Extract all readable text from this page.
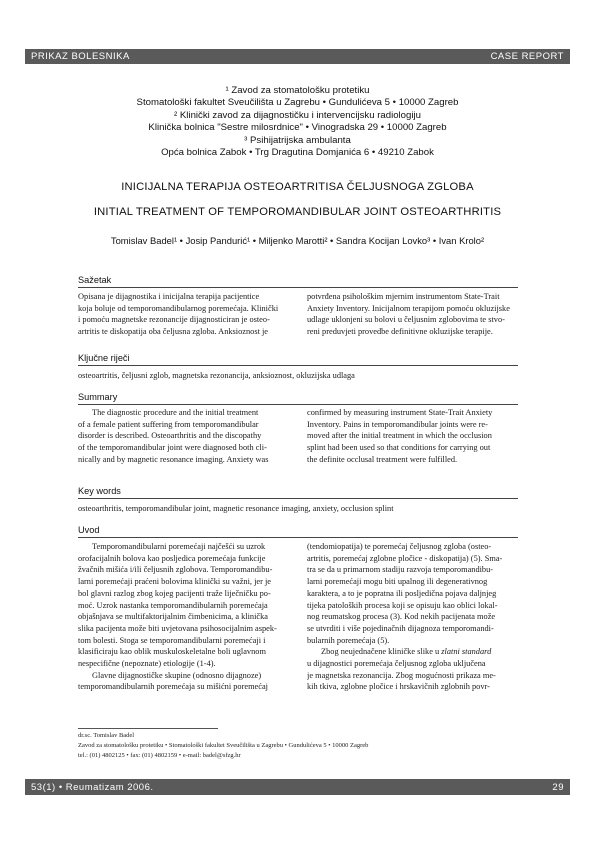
PRIKAZ BOLESNIKA	CASE REPORT
¹ Zavod za stomatološku protetiku
Stomatološki fakultet Sveučilišta u Zagrebu • Gundulićeva 5 • 10000 Zagreb
² Klinički zavod za dijagnostičku i intervencijsku radiologiju
Klinička bolnica "Sestre milosrdnice" • Vinogradska 29 • 10000 Zagreb
³ Psihijatrijska ambulanta
Opća bolnica Zabok • Trg Dragutina Domjanića 6 • 49210 Zabok
INICIJALNA TERAPIJA OSTEOARTRITISA ČELJUSNOGA ZGLOBA
INITIAL TREATMENT OF TEMPOROMANDIBULAR JOINT OSTEOARTHRITIS
Tomislav Badel¹ • Josip Pandurić¹ • Miljenko Marotti² • Sandra Kocijan Lovko³ • Ivan Krolo²
Sažetak
Opisana je dijagnostika i inicijalna terapija pacijentice
koja boluje od temporomandibularnog poremećaja. Klinički
i pomoću magnetske rezonancije dijagnosticiran je osteo-
artritis te diskopatija oba čeljusna zgloba. Anksioznost je
potvrđena psihološkim mjernim instrumentom State-Trait
Anxiety Inventory. Inicijalnom terapijom pomoću okluzijske
udlage uklonjeni su bolovi u čeljusnim zglobovima te stvo-
reni preduvjeti provedbe definitivne okluzijske terapije.
Ključne riječi
osteoartritis, čeljusni zglob, magnetska rezonancija, anksioznost, okluzijska udlaga
Summary
The diagnostic procedure and the initial treatment
of a female patient suffering from temporomandibular
disorder is described. Osteoarthritis and the discopathy
of the temporomandibular joint were diagnosed both cli-
nically and by magnetic resonance imaging. Anxiety was
confirmed by measuring instrument State-Trait Anxiety
Inventory. Pains in temporomandibular joints were re-
moved after the initial treatment in which the occlusion
splint had been used so that conditions for carrying out
the definite occlusal treatment were fulfilled.
Key words
osteoarthritis, temporomandibular joint, magnetic resonance imaging, anxiety, occlusion splint
Uvod
Temporomandibularni poremećaji najčešći su uzrok
orofacijalnih bolova kao posljedica poremećaja funkcije
žvačnih mišića i/ili čeljusnih zglobova. Temporomandibu-
larni poremećaji praćeni bolovima klinički su važni, jer je
bol glavni razlog zbog kojeg pacijenti traže liječničku po-
moć. Uzrok nastanka temporomandibularnih poremećaja
objašnjava se multifaktorijalnim čimbenicima, a klinička
slika pacijenta može biti uvjetovana psihosocijalnim aspek-
tom bolesti. Stoga se temporomandibularni poremećaji i
klasificiraju kao oblik muskuloskeletalne boli uglavnom
nespecifične (nepoznate) etiologije (1-4).
Glavne dijagnostičke skupine (odnosno dijagnoze)
temporomandibularnih poremećaja su mišićni poremećaj
(tendomiopatija) te poremećaj čeljusnog zgloba (osteo-
artritis, poremećaj zglobne pločice - diskopatija) (5). Sma-
tra se da u primarnom stadiju razvoja temporomandibu-
larni poremećaji mogu biti upalnog ili degenerativnog
karaktera, a to je popratna ili posljedična pojava daljnjeg
tijeka patoloških procesa koji se opisuju kao oblici lokal-
nog reumatskog procesa (3). Kod nekih pacijenata može
se utvrditi i više pojedinačnih dijagnoza temporomandi-
bularnih poremećaja (5).
Zbog neujednačene kliničke slike u zlatni standard
u dijagnostici poremećaja čeljusnog zgloba uključena
je magnetska rezonancija. Zbog mogućnosti prikaza me-
kih tkiva, zglobne pločice i hrskavičnih zglobnih povr-
dr.sc. Tomislav Badel
Zavod za stomatološku protetiku • Stomatološki fakultet Sveučilišta u Zagrebu • Gundulićeva 5 • 10000 Zagreb
tel.: (01) 4802125 • fax: (01) 4802159 • e-mail: badel@sfzg.hr
53(1) • Reumatizam 2006.	29
